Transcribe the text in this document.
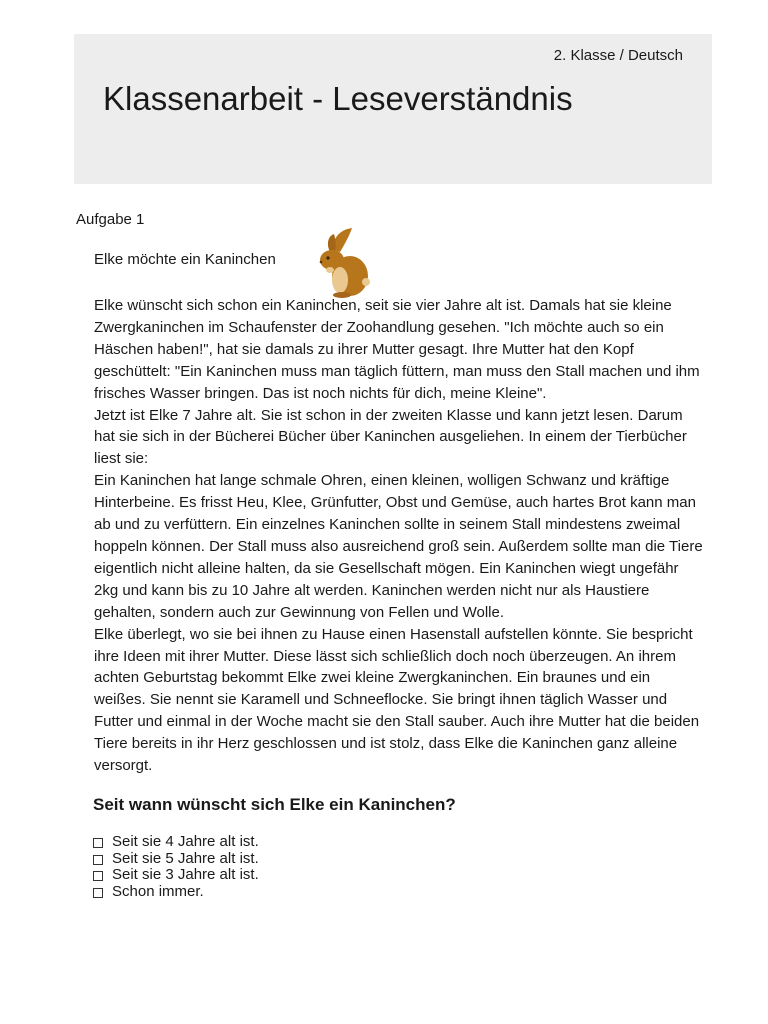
2. Klasse / Deutsch
Klassenarbeit - Leseverständnis
Aufgabe 1
Elke möchte ein Kaninchen

Elke wünscht sich schon ein Kaninchen, seit sie vier Jahre alt ist. Damals hat sie kleine Zwergkaninchen im Schaufenster der Zoohandlung gesehen. "Ich möchte auch so ein Häschen haben!", hat sie damals zu ihrer Mutter gesagt. Ihre Mutter hat den Kopf geschüttelt: "Ein Kaninchen muss man täglich füttern, man muss den Stall machen und ihm frisches Wasser bringen. Das ist noch nichts für dich, meine Kleine".

Jetzt ist Elke 7 Jahre alt. Sie ist schon in der zweiten Klasse und kann jetzt lesen. Darum hat sie sich in der Bücherei Bücher über Kaninchen ausgeliehen. In einem der Tierbücher liest sie:

Ein Kaninchen hat lange schmale Ohren, einen kleinen, wolligen Schwanz und kräftige Hinterbeine. Es frisst Heu, Klee, Grünfutter, Obst und Gemüse, auch hartes Brot kann man ab und zu verfüttern. Ein einzelnes Kaninchen sollte in seinem Stall mindestens zweimal hoppeln können. Der Stall muss also ausreichend groß sein. Außerdem sollte man die Tiere eigentlich nicht alleine halten, da sie Gesellschaft mögen. Ein Kaninchen wiegt ungefähr 2kg und kann bis zu 10 Jahre alt werden. Kaninchen werden nicht nur als Haustiere gehalten, sondern auch zur Gewinnung von Fellen und Wolle.

Elke überlegt, wo sie bei ihnen zu Hause einen Hasenstall aufstellen könnte. Sie bespricht ihre Ideen mit ihrer Mutter. Diese lässt sich schließlich doch noch überzeugen. An ihrem achten Geburtstag bekommt Elke zwei kleine Zwergkaninchen. Ein braunes und ein weißes. Sie nennt sie Karamell und Schneeflocke. Sie bringt ihnen täglich Wasser und Futter und einmal in der Woche macht sie den Stall sauber. Auch ihre Mutter hat die beiden Tiere bereits in ihr Herz geschlossen und ist stolz, dass Elke die Kaninchen ganz alleine versorgt.

Seit wann wünscht sich Elke ein Kaninchen?
Seit sie 4 Jahre alt ist.
Seit sie 5 Jahre alt ist.
Seit sie 3 Jahre alt ist.
Schon immer.
